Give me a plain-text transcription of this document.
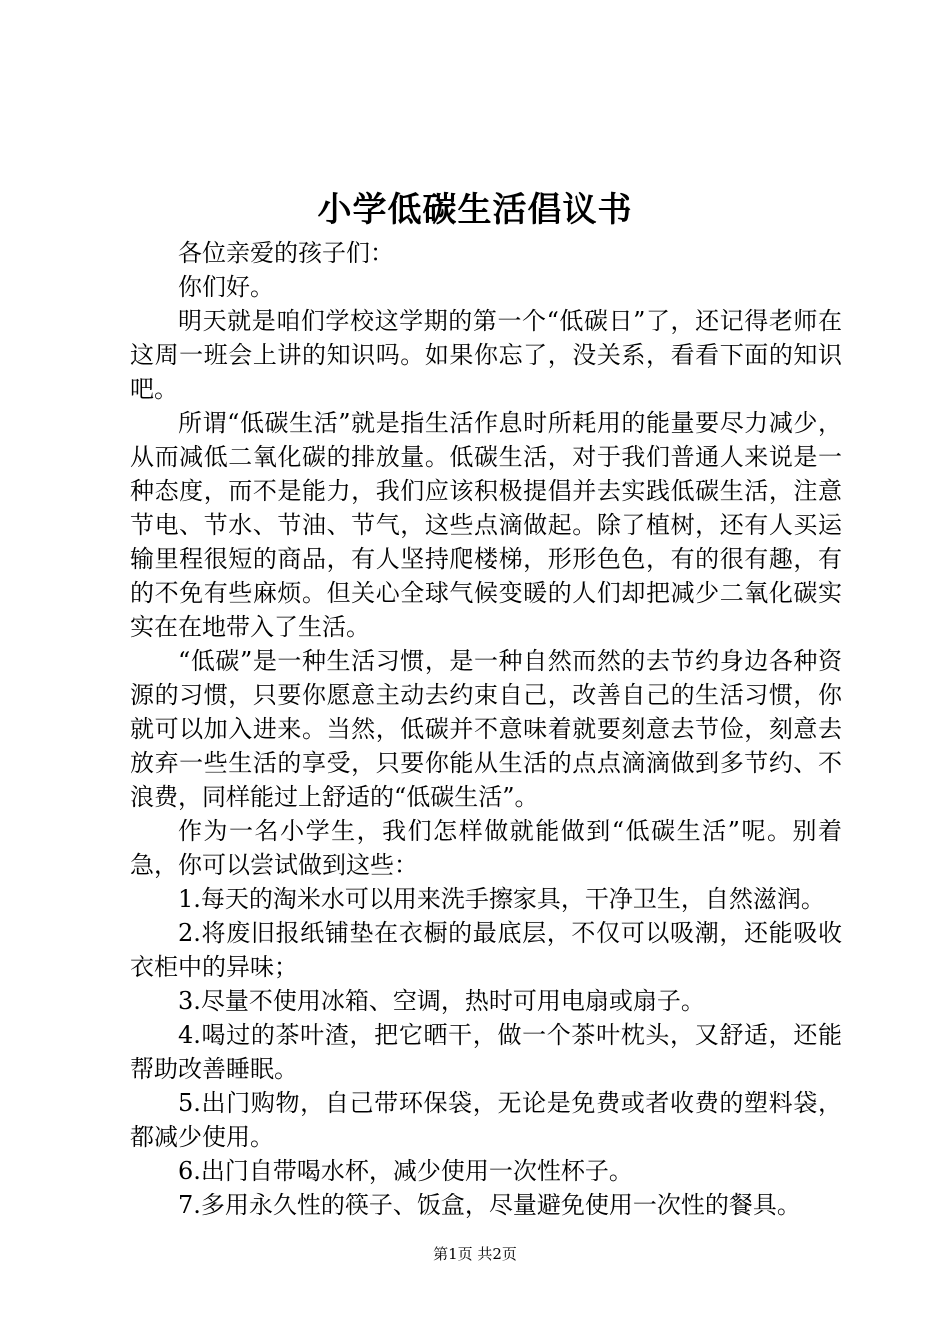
小学低碳生活倡议书

各位亲爱的孩子们：

你们好。

明天就是咱们学校这学期的第一个“低碳日”了，还记得老师在这周一班会上讲的知识吗。如果你忘了，没关系，看看下面的知识吧。

所谓“低碳生活”就是指生活作息时所耗用的能量要尽力减少，从而减低二氧化碳的排放量。低碳生活，对于我们普通人来说是一种态度，而不是能力，我们应该积极提倡并去实践低碳生活，注意节电、节水、节油、节气，这些点滴做起。除了植树，还有人买运输里程很短的商品，有人坚持爬楼梯，形形色色，有的很有趣，有的不免有些麻烦。但关心全球气候变暖的人们却把减少二氧化碳实实在在地带入了生活。

“低碳”是一种生活习惯，是一种自然而然的去节约身边各种资源的习惯，只要你愿意主动去约束自己，改善自己的生活习惯，你就可以加入进来。当然，低碳并不意味着就要刻意去节俭，刻意去放弃一些生活的享受，只要你能从生活的点点滴滴做到多节约、不浪费，同样能过上舒适的“低碳生活”。

作为一名小学生，我们怎样做就能做到“低碳生活”呢。别着急，你可以尝试做到这些：

1.每天的淘米水可以用来洗手擦家具，干净卫生，自然滋润。

2.将废旧报纸铺垫在衣橱的最底层，不仅可以吸潮，还能吸收衣柜中的异味；

3.尽量不使用冰箱、空调，热时可用电扇或扇子。

4.喝过的茶叶渣，把它晒干，做一个茶叶枕头，又舒适，还能帮助改善睡眠。

5.出门购物，自己带环保袋，无论是免费或者收费的塑料袋，都减少使用。

6.出门自带喝水杯，减少使用一次性杯子。

7.多用永久性的筷子、饭盒，尽量避免使用一次性的餐具。

第1页 共2页
